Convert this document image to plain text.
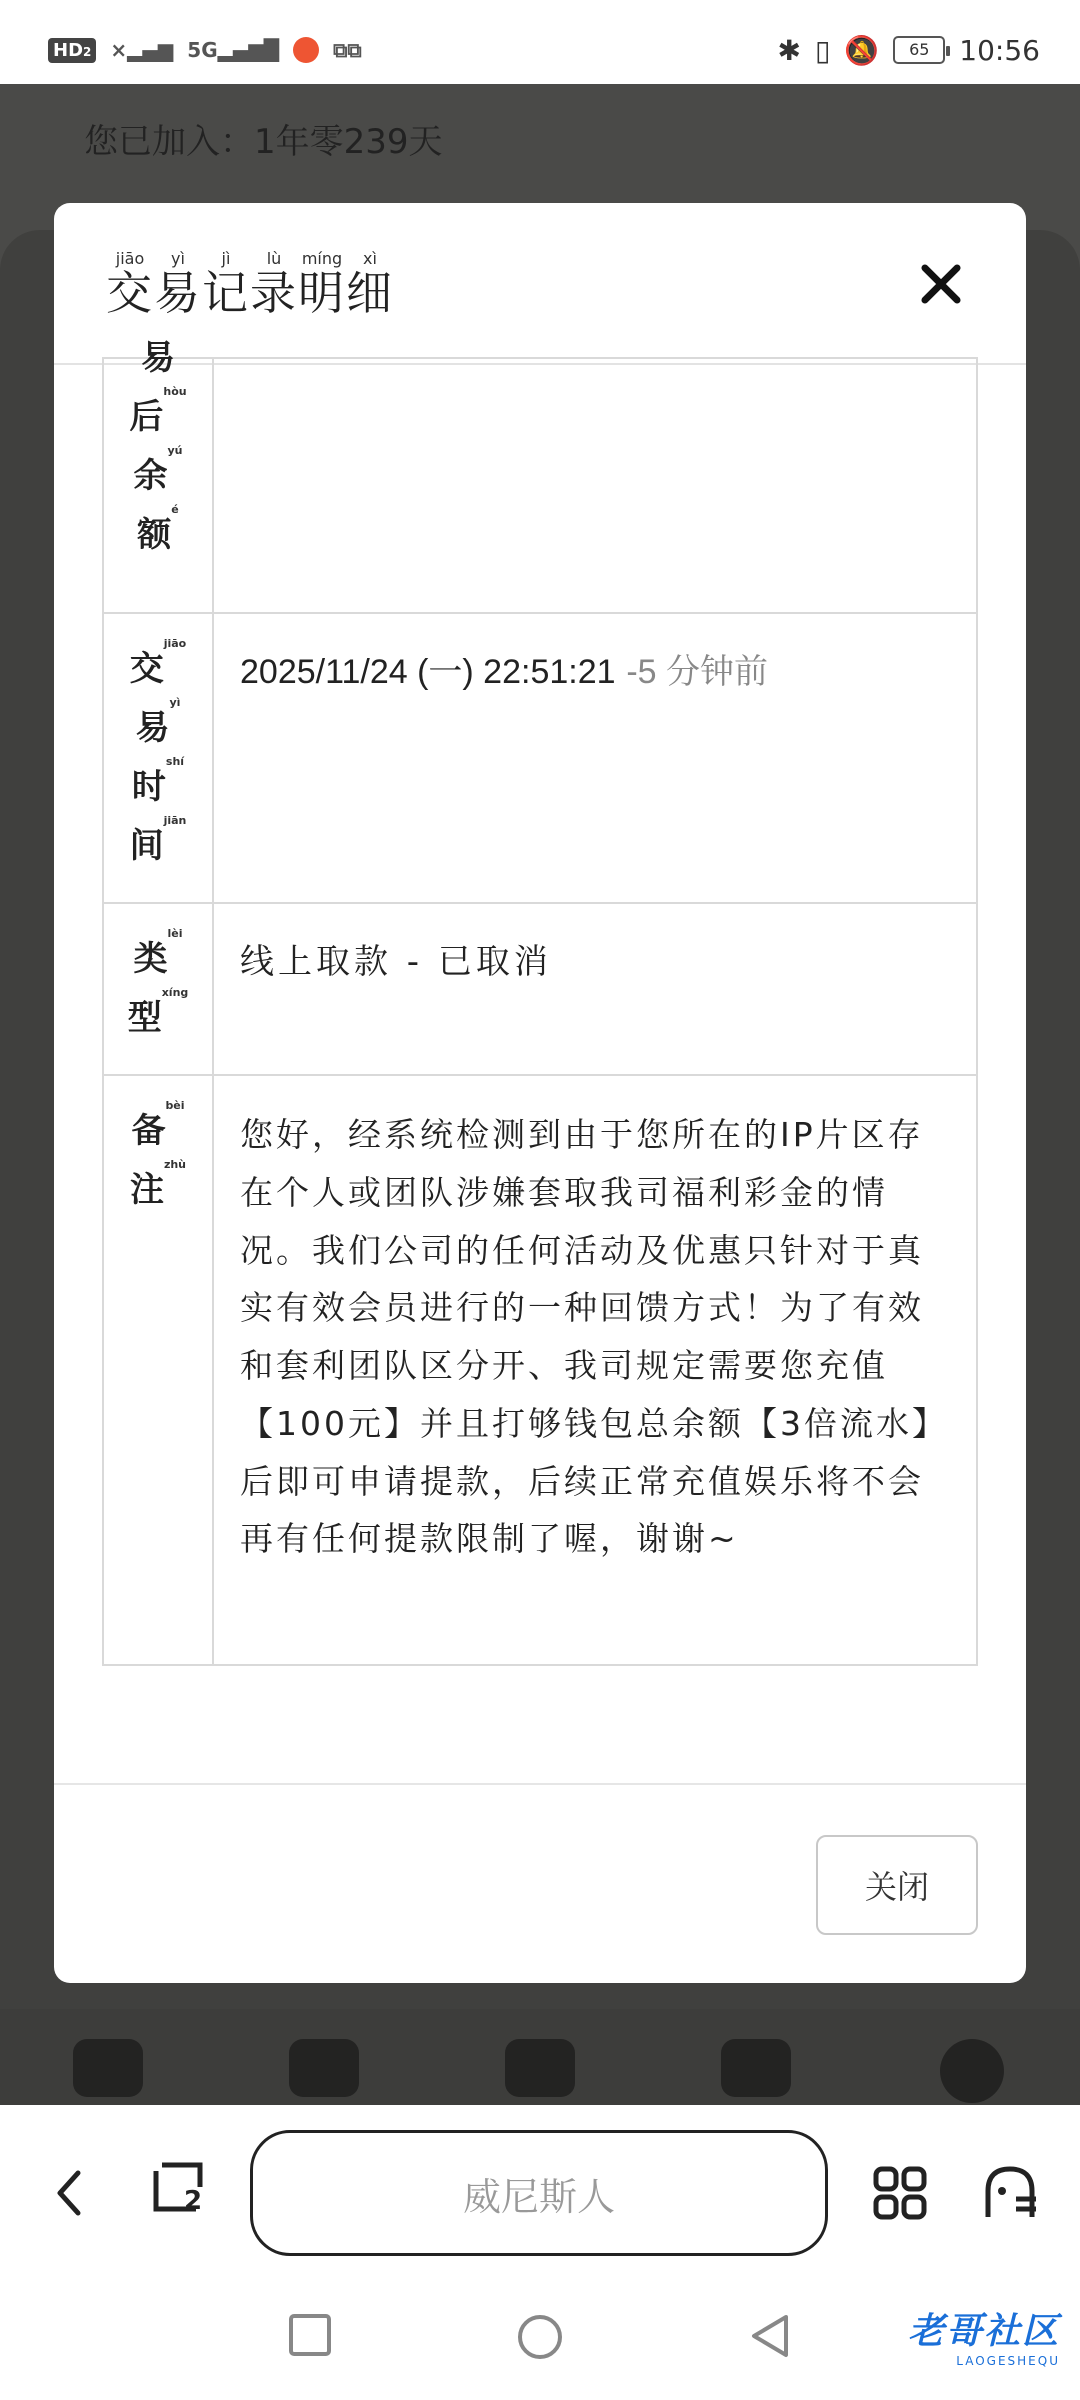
HD2 ×▂▄▆ 5G▂▄▆█	⧉⧉	✱ ▯ 🔕	65	10:56
您已加入：1年零239天
交jiāo易yì记jì录lù明míng细xì
易
后hòu
余yú
额é	

交jiāo
易yì
时shí
间jiān	2025/11/24 (一) 22:51:21 -5 分钟前

类lèi
型xíng	线上取款 - 已取消

备bèi
注zhù	您好，经系统检测到由于您所在的IP片区存在个人或团队涉嫌套取我司福利彩金的情况。我们公司的任何活动及优惠只针对于真实有效会员进行的一种回馈方式！为了有效和套利团队区分开、我司规定需要您充值【100元】并且打够钱包总余额【3倍流水】后即可申请提款，后续正常充值娱乐将不会再有任何提款限制了喔，谢谢~
关闭
2	威尼斯人
老哥社区
LAOGESHEQU
